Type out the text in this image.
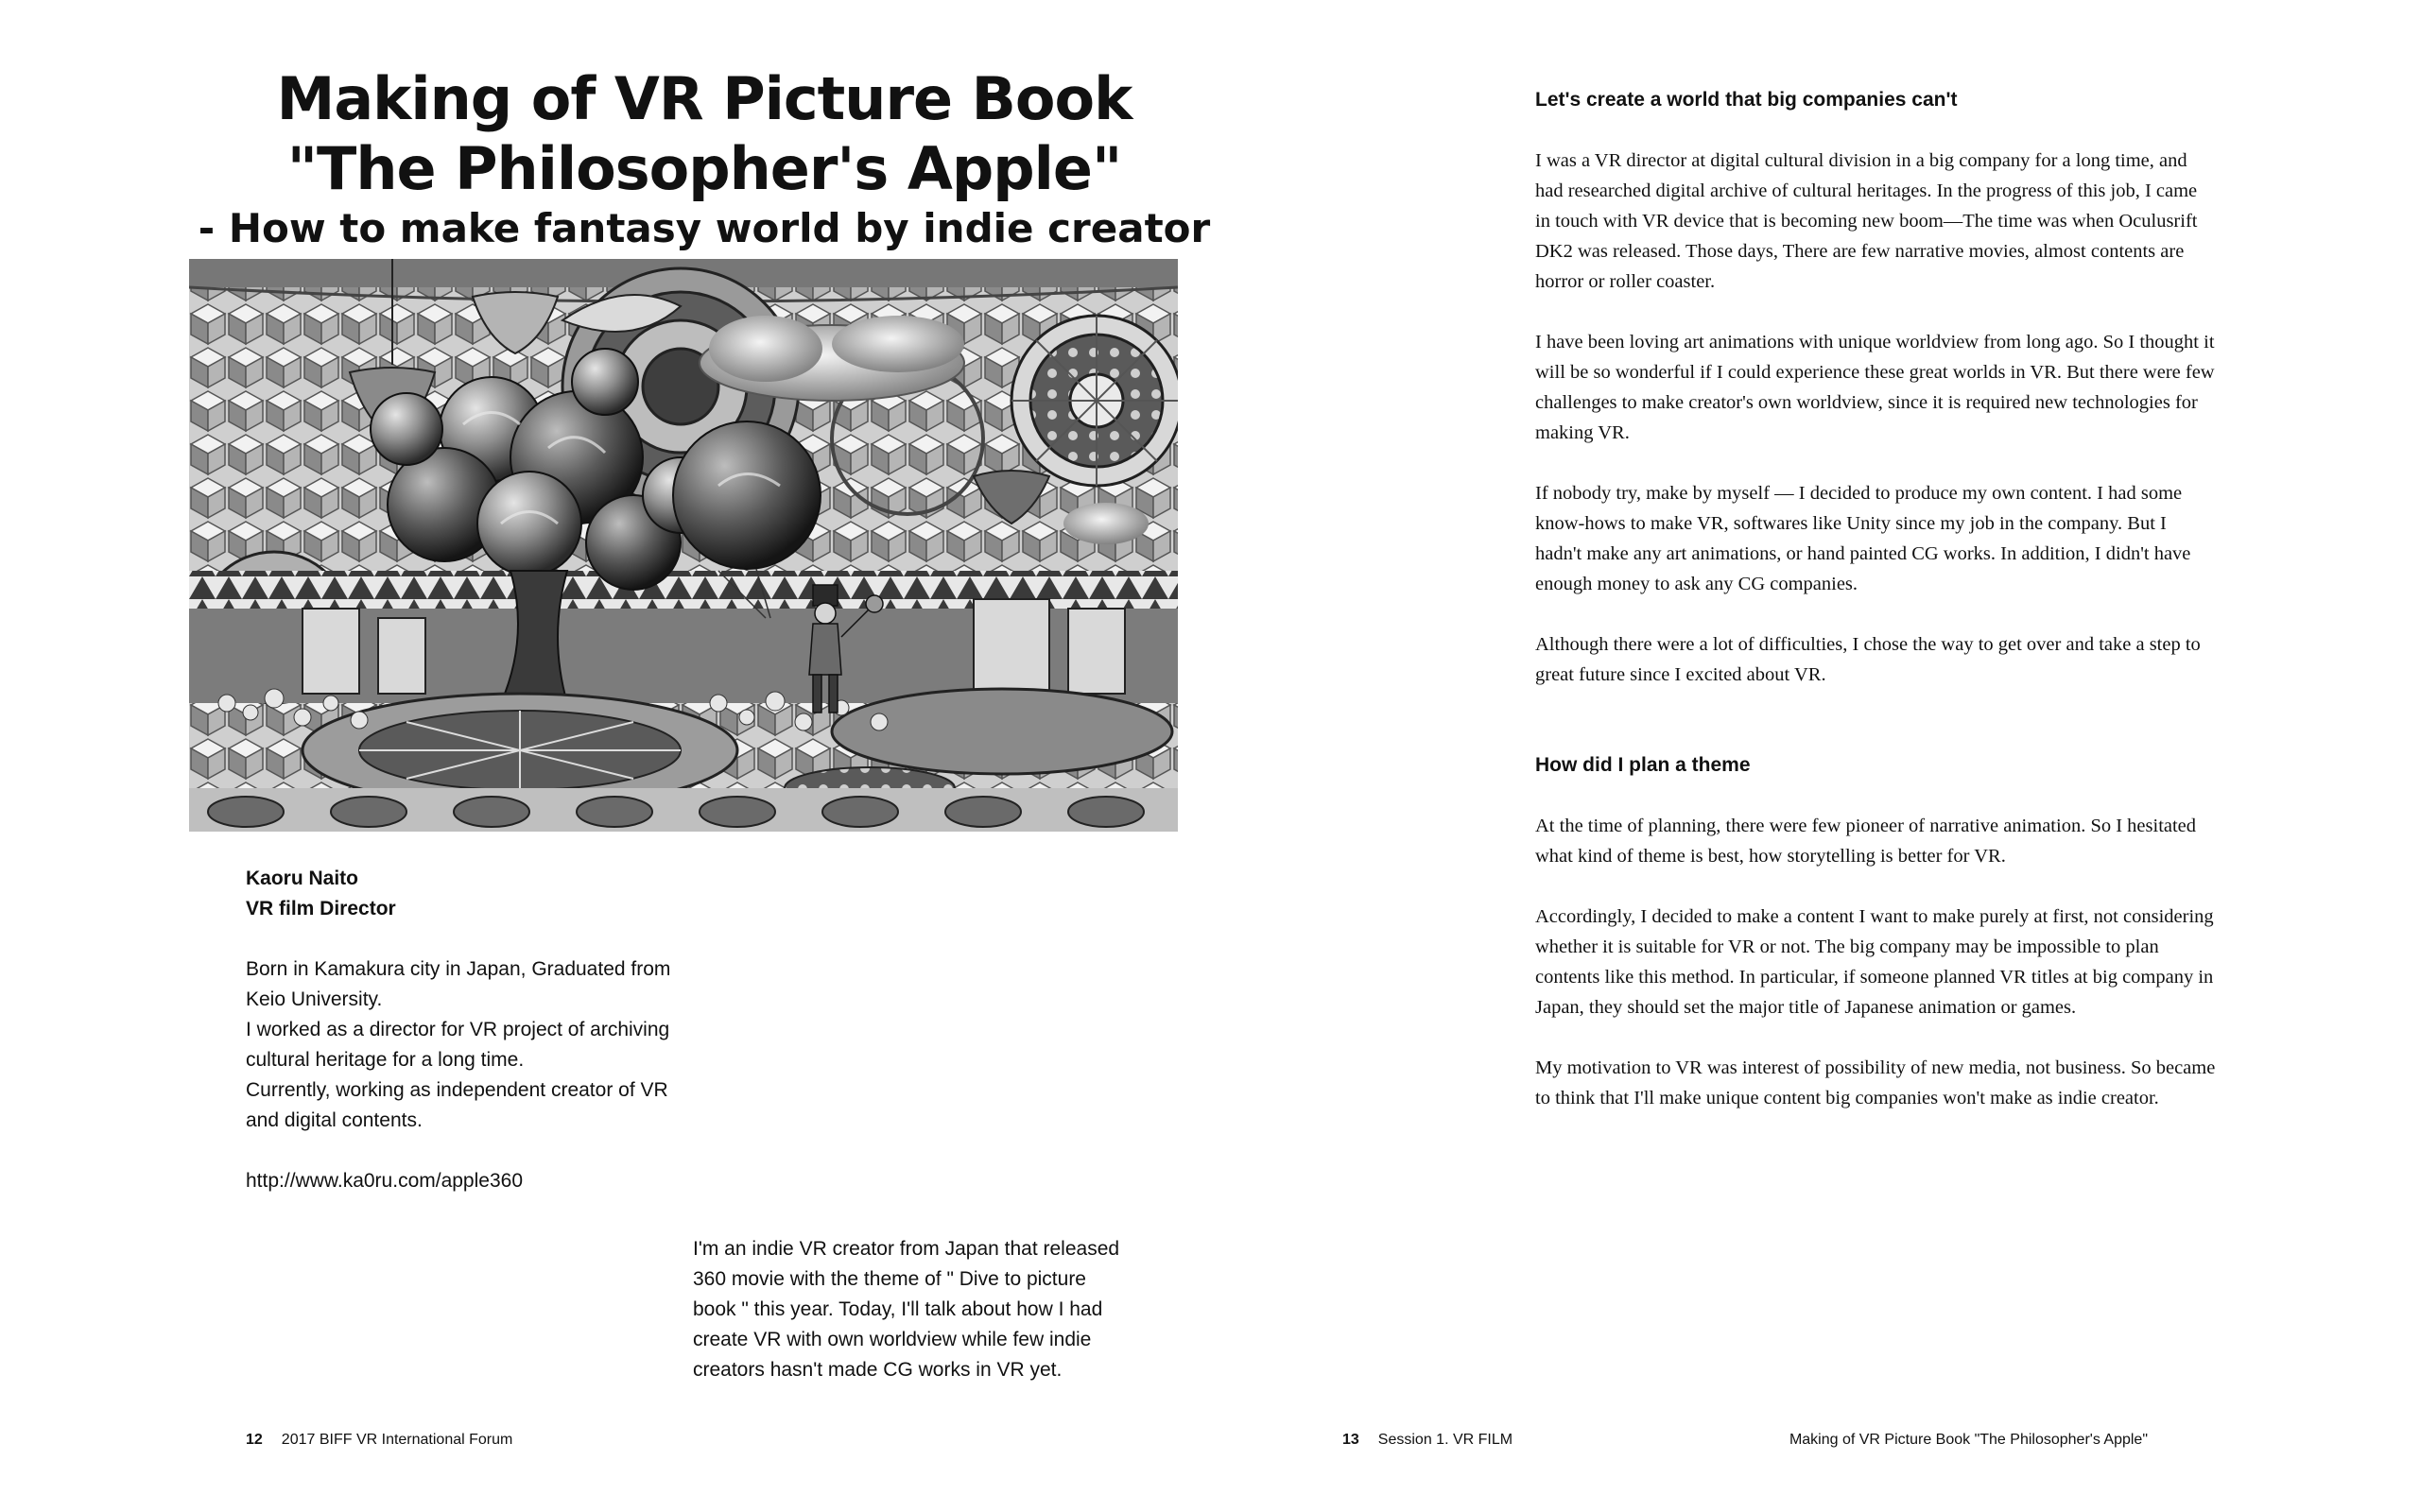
Making of VR Picture Book
"The Philosopher's Apple"
- How to make fantasy world by indie creator
Kaoru Naito
VR film Director

Born in Kamakura city in Japan, Graduated from Keio University.

I worked as a director for VR project of archiving cultural heritage for a long time.

Currently, working as independent creator of VR and digital contents.

http://www.ka0ru.com/apple360
I'm an indie VR creator from Japan that released 360 movie with the theme of " Dive to picture book " this year. Today, I'll talk about how I had create VR with own worldview while few indie creators hasn't made CG works in VR yet.
Let's create a world that big companies can't

I was a VR director at digital cultural division in a big company for a long time, and had researched digital archive of cultural heritages. In the progress of this job, I came in touch with VR device that is becoming new boom—The time was when Oculusrift DK2 was released. Those days, There are few narrative movies, almost contents are horror or roller coaster.

I have been loving art animations with unique worldview from long ago. So I thought it will be so wonderful if I could experience these great worlds in VR. But there were few challenges to make creator's own worldview, since it is required new technologies for making VR.

If nobody try, make by myself — I decided to produce my own content. I had some know-hows to make VR, softwares like Unity since my job in the company. But I hadn't make any art animations, or hand painted CG works. In addition, I didn't have enough money to ask any CG companies.

Although there were a lot of difficulties, I chose the way to get over and take a step to great future since I excited about VR.

How did I plan a theme

At the time of planning, there were few pioneer of narrative animation. So I hesitated what kind of theme is best, how storytelling is better for VR.

Accordingly, I decided to make a content I want to make purely at first, not considering whether it is suitable for VR or not. The big company may be impossible to plan contents like this method. In particular, if someone planned VR titles at big company in Japan, they should set the major title of Japanese animation or games.

My motivation to VR was interest of possibility of new media, not business. So became to think that I'll make unique content big companies won't make as indie creator.

12 2017 BIFF VR International Forum	13 Session 1. VR FILM	Making of VR Picture Book "The Philosopher's Apple"
